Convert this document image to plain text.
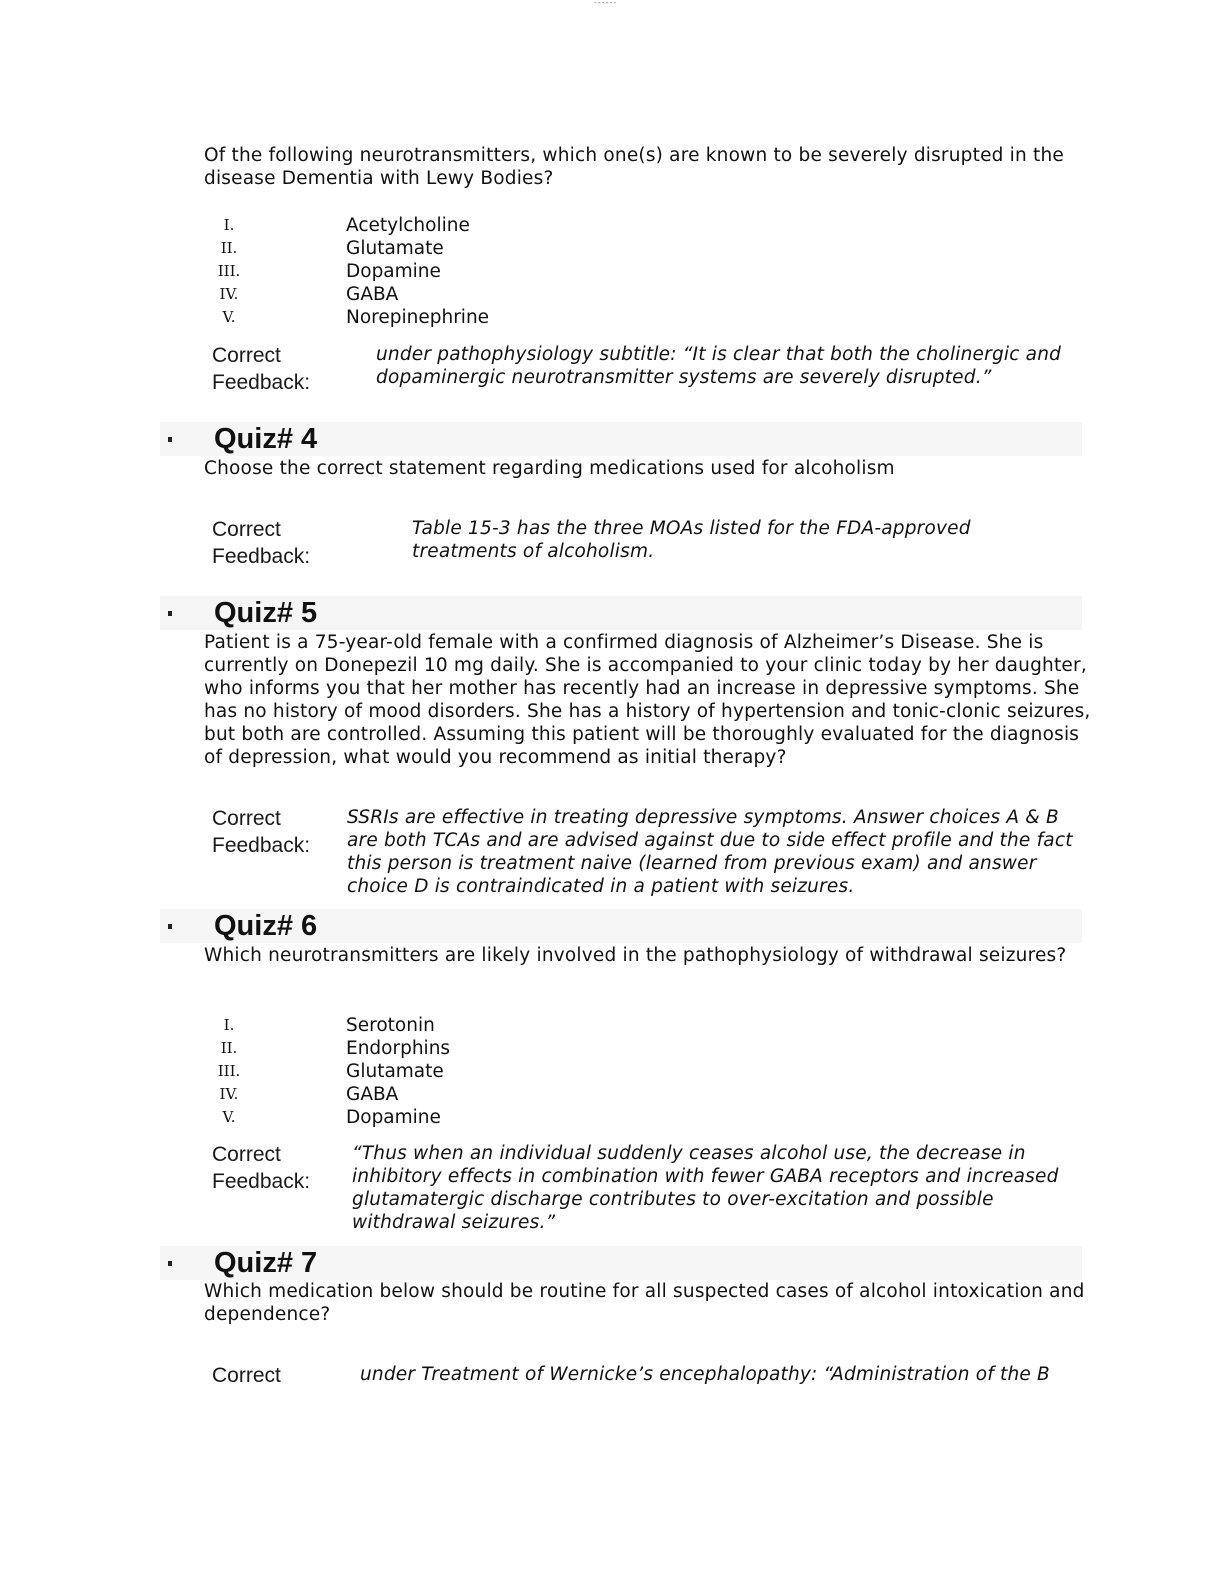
------

Of the following neurotransmitters, which one(s) are known to be severely disrupted in the disease Dementia with Lewy Bodies?

I.	Acetylcholine
II.	Glutamate
III.	Dopamine
IV.	GABA
V.	Norepinephrine
Correct
Feedback:

under pathophysiology subtitle: “It is clear that both the cholinergic and dopaminergic neurotransmitter systems are severely disrupted.”

Quiz# 4

Choose the correct statement regarding medications used for alcoholism

Correct
Feedback:

Table 15-3 has the three MOAs listed for the FDA-approved treatments of alcoholism.

Quiz# 5

Patient is a 75-year-old female with a confirmed diagnosis of Alzheimer’s Disease. She is currently on Donepezil 10 mg daily. She is accompanied to your clinic today by her daughter, who informs you that her mother has recently had an increase in depressive symptoms. She has no history of mood disorders. She has a history of hypertension and tonic-clonic seizures, but both are controlled. Assuming this patient will be thoroughly evaluated for the diagnosis of depression, what would you recommend as initial therapy?

Correct
Feedback:

SSRIs are effective in treating depressive symptoms. Answer choices A & B are both TCAs and are advised against due to side effect profile and the fact this person is treatment naive (learned from previous exam) and answer choice D is contraindicated in a patient with seizures.

Quiz# 6

Which neurotransmitters are likely involved in the pathophysiology of withdrawal seizures?

I.	Serotonin
II.	Endorphins
III.	Glutamate
IV.	GABA
V.	Dopamine
Correct
Feedback:

“Thus when an individual suddenly ceases alcohol use, the decrease in inhibitory effects in combination with fewer GABA receptors and increased glutamatergic discharge contributes to over-excitation and possible withdrawal seizures.”

Quiz# 7

Which medication below should be routine for all suspected cases of alcohol intoxication and dependence?

Correct	under Treatment of Wernicke’s encephalopathy: “Administration of the B
